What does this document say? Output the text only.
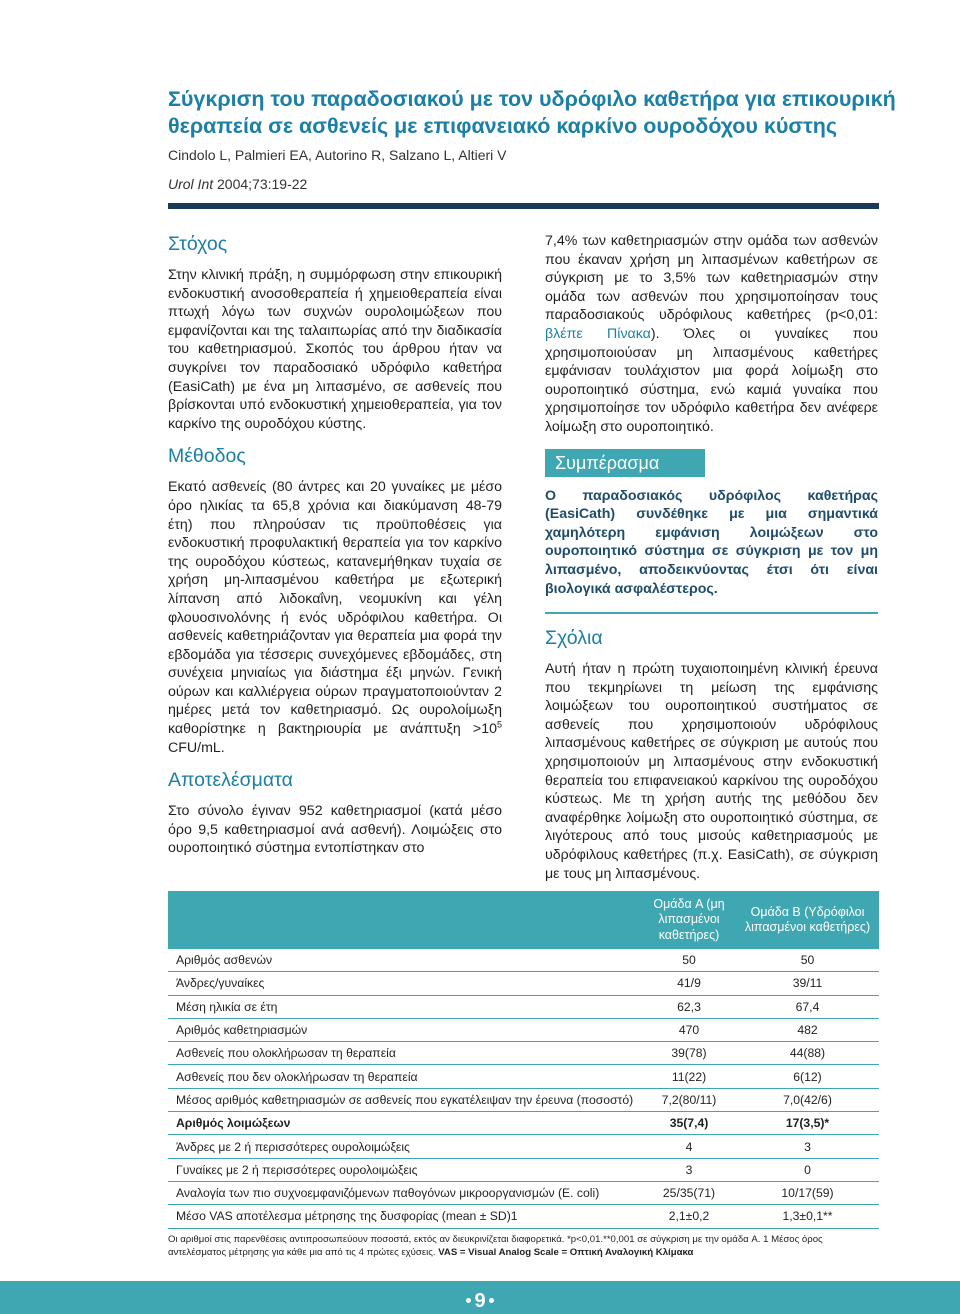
Σύγκριση του παραδοσιακού με τον υδρόφιλο καθετήρα για επικουρική θεραπεία σε ασθενείς με επιφανειακό καρκίνο ουροδόχου κύστης
Cindolo L, Palmieri EA, Autorino R, Salzano L, Altieri V
Urol Int 2004;73:19-22
Στόχος

Στην κλινική πράξη, η συμμόρφωση στην επικουρική ενδοκυστική ανοσοθεραπεία ή χημειοθεραπεία είναι πτωχή λόγω των συχνών ουρολοιμώξεων που εμφανίζονται και της ταλαιπωρίας από την διαδικασία του καθετηριασμού. Σκοπός του άρθρου ήταν να συγκρίνει τον παραδοσιακό υδρόφιλο καθετήρα (EasiCath) με ένα μη λιπασμένο, σε ασθενείς που βρίσκονται υπό ενδοκυστική χημειοθεραπεία, για τον καρκίνο της ουροδόχου κύστης.

Μέθοδος

Εκατό ασθενείς (80 άντρες και 20 γυναίκες με μέσο όρο ηλικίας τα 65,8 χρόνια και διακύμανση 48-79 έτη) που πληρούσαν τις προϋποθέσεις για ενδοκυστική προφυλακτική θεραπεία για τον καρκίνο της ουροδόχου κύστεως, κατανεμήθηκαν τυχαία σε χρήση μη-λιπασμένου καθετήρα με εξωτερική λίπανση από λιδοκαΐνη, νεομυκίνη και γέλη φλουοσινολόνης ή ενός υδρόφιλου καθετήρα. Οι ασθενείς καθετηριάζονταν για θεραπεία μια φορά την εβδομάδα για τέσσερις συνεχόμενες εβδομάδες, στη συνέχεια μηνιαίως για διάστημα έξι μηνών. Γενική ούρων και καλλιέργεια ούρων πραγματοποιούνταν 2 ημέρες μετά τον καθετηριασμό. Ως ουρολοίμωξη καθορίστηκε η βακτηριουρία με $\alpha\nu ά\pi\tau\upsilon\xi\eta >10^5$ CFU/mL.

Αποτελέσματα

Στο σύνολο έγιναν 952 καθετηριασμοί (κατά μέσο όρο 9,5 καθετηριασμοί ανά ασθενή). Λοιμώξεις στο ουροποιητικό σύστημα εντοπίστηκαν στο

7,4% των καθετηριασμών στην ομάδα των ασθενών που έκαναν χρήση μη λιπασμένων καθετήρων σε σύγκριση με το 3,5% των καθετηριασμών στην ομάδα των ασθενών που χρησιμοποίησαν τους παραδοσιακούς υδρόφιλους καθετήρες (p<0,01: βλέπε Πίνακα). Όλες οι γυναίκες που χρησιμοποιούσαν μη λιπασμένους καθετήρες εμφάνισαν τουλάχιστον μια φορά λοίμωξη στο ουροποιητικό σύστημα, ενώ καμιά γυναίκα που χρησιμοποίησε τον υδρόφιλο καθετήρα δεν ανέφερε λοίμωξη στο ουροποιητικό.

Συμπέρασμα

Ο παραδοσιακός υδρόφιλος καθετήρας (EasiCath) συνδέθηκε με μια σημαντικά χαμηλότερη εμφάνιση λοιμώξεων στο ουροποιητικό σύστημα σε σύγκριση με τον μη λιπασμένο, αποδεικνύοντας έτσι ότι είναι βιολογικά ασφαλέστερος.

Σχόλια

Αυτή ήταν η πρώτη τυχαιοποιημένη κλινική έρευνα που τεκμηρίωνει τη μείωση της εμφάνισης λοιμώξεων του ουροποιητικού συστήματος σε ασθενείς που χρησιμοποιούν υδρόφιλους λιπασμένους καθετήρες σε σύγκριση με αυτούς που χρησιμοποιούν μη λιπασμένους στην ενδοκυστική θεραπεία του επιφανειακού καρκίνου της ουροδόχου κύστεως. Με τη χρήση αυτής της μεθόδου δεν αναφέρθηκε λοίμωξη στο ουροποιητικό σύστημα, σε λιγότερους από τους μισούς καθετηριασμούς με υδρόφιλους καθετήρες (π.χ. EasiCath), σε σύγκριση με τους μη λιπασμένους.

	Ομάδα A (μη λιπασμένοι καθετήρες)	Ομάδα B (Υδρόφιλοι λιπασμένοι καθετήρες)
Αριθμός ασθενών	50	50
Άνδρες/γυναίκες	41/9	39/11
Μέση ηλικία σε έτη	62,3	67,4
Αριθμός καθετηριασμών	470	482
Ασθενείς που ολοκλήρωσαν τη θεραπεία	39(78)	44(88)
Ασθενείς που δεν ολοκλήρωσαν τη θεραπεία	11(22)	6(12)
Μέσος αριθμός καθετηριασμών σε ασθενείς που εγκατέλειψαν την έρευνα (ποσοστό)	7,2(80/11)	7,0(42/6)
Αριθμός λοιμώξεων	35(7,4)	17(3,5)*
Άνδρες με 2 ή περισσότερες ουρολοιμώξεις	4	3
Γυναίκες με 2 ή περισσότερες ουρολοιμώξεις	3	0
Αναλογία των πιο συχνοεμφανιζόμενων παθογόνων μικροοργανισμών (E. coli)	25/35(71)	10/17(59)
Μέσο VAS αποτέλεσμα μέτρησης της δυσφορίας (mean ± SD)1	2,1±0,2	1,3±0,1**
Οι αριθμοί στις παρενθέσεις αντιπροσωπεύουν ποσοστά, εκτός αν διευκρινίζεται διαφορετικά. *p<0,01.**0,001 σε σύγκριση με την ομάδα A. 1 Μέσος όρος αντελέσματος μέτρησης για κάθε μια από τις 4 πρώτες εχύσεις. VAS = Visual Analog Scale = Οπτική Αναλογική Κλίμακα
9
